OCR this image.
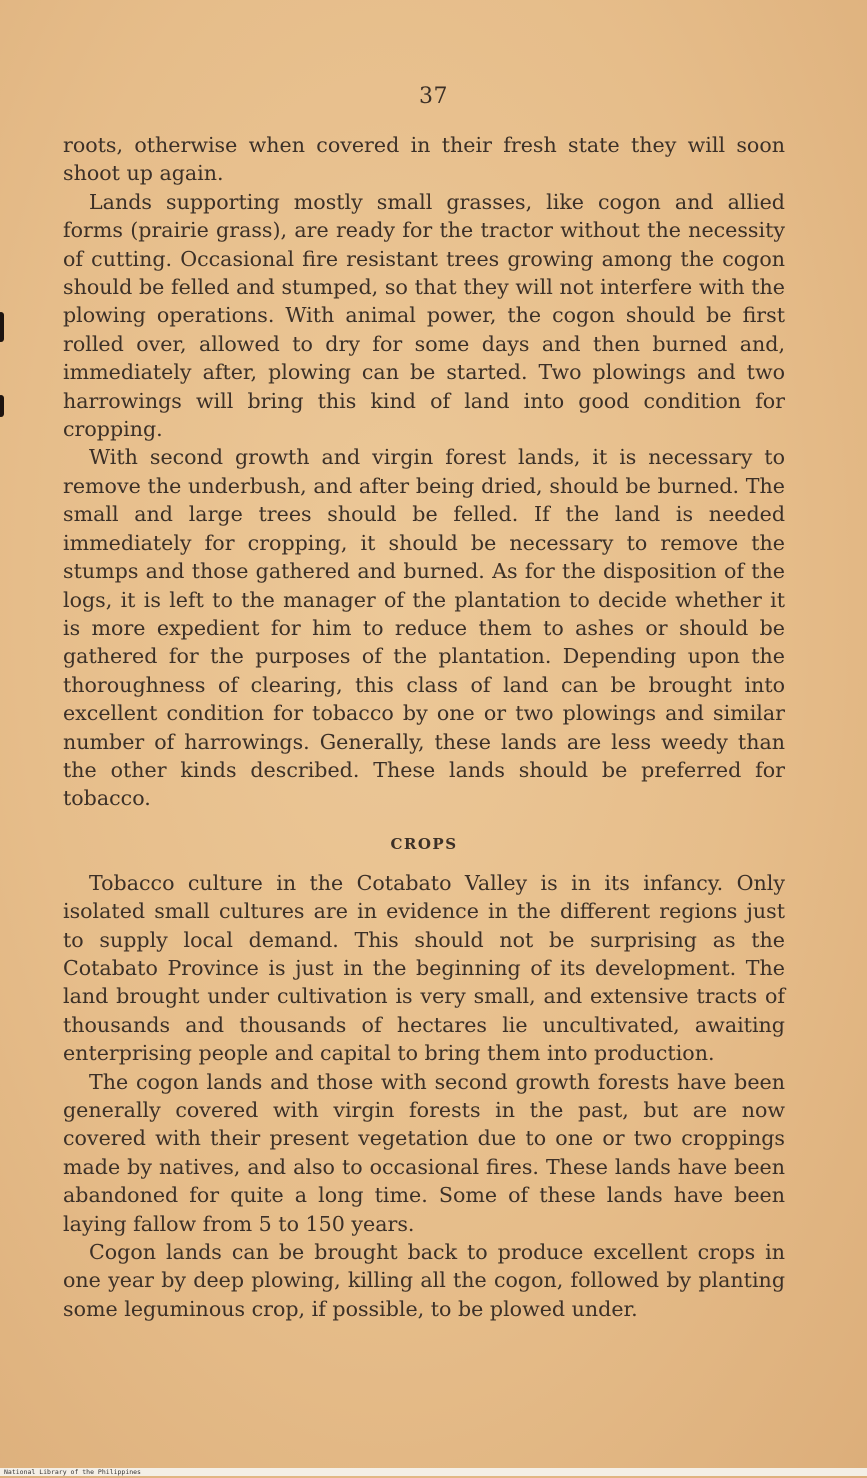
37

roots, otherwise when covered in their fresh state they will soon shoot up again.

Lands supporting mostly small grasses, like cogon and allied forms (prairie grass), are ready for the tractor without the necessity of cutting. Occasional fire resistant trees growing among the cogon should be felled and stumped, so that they will not interfere with the plowing operations. With animal power, the cogon should be first rolled over, allowed to dry for some days and then burned and, immediately after, plowing can be started. Two plowings and two harrowings will bring this kind of land into good condition for cropping.

With second growth and virgin forest lands, it is necessary to remove the underbush, and after being dried, should be burned. The small and large trees should be felled. If the land is needed immediately for cropping, it should be necessary to remove the stumps and those gathered and burned. As for the disposition of the logs, it is left to the manager of the plantation to decide whether it is more expedient for him to reduce them to ashes or should be gathered for the purposes of the plantation. Depending upon the thoroughness of clearing, this class of land can be brought into excellent condition for tobacco by one or two plowings and similar number of harrowings. Generally, these lands are less weedy than the other kinds described. These lands should be preferred for tobacco.

CROPS

Tobacco culture in the Cotabato Valley is in its infancy. Only isolated small cultures are in evidence in the different regions just to supply local demand. This should not be surprising as the Cotabato Province is just in the beginning of its development. The land brought under cultivation is very small, and extensive tracts of thousands and thousands of hectares lie uncultivated, awaiting enterprising people and capital to bring them into production.

The cogon lands and those with second growth forests have been generally covered with virgin forests in the past, but are now covered with their present vegetation due to one or two croppings made by natives, and also to occasional fires. These lands have been abandoned for quite a long time. Some of these lands have been laying fallow from 5 to 150 years.

Cogon lands can be brought back to produce excellent crops in one year by deep plowing, killing all the cogon, followed by planting some leguminous crop, if possible, to be plowed under.

National Library of the Philippines
